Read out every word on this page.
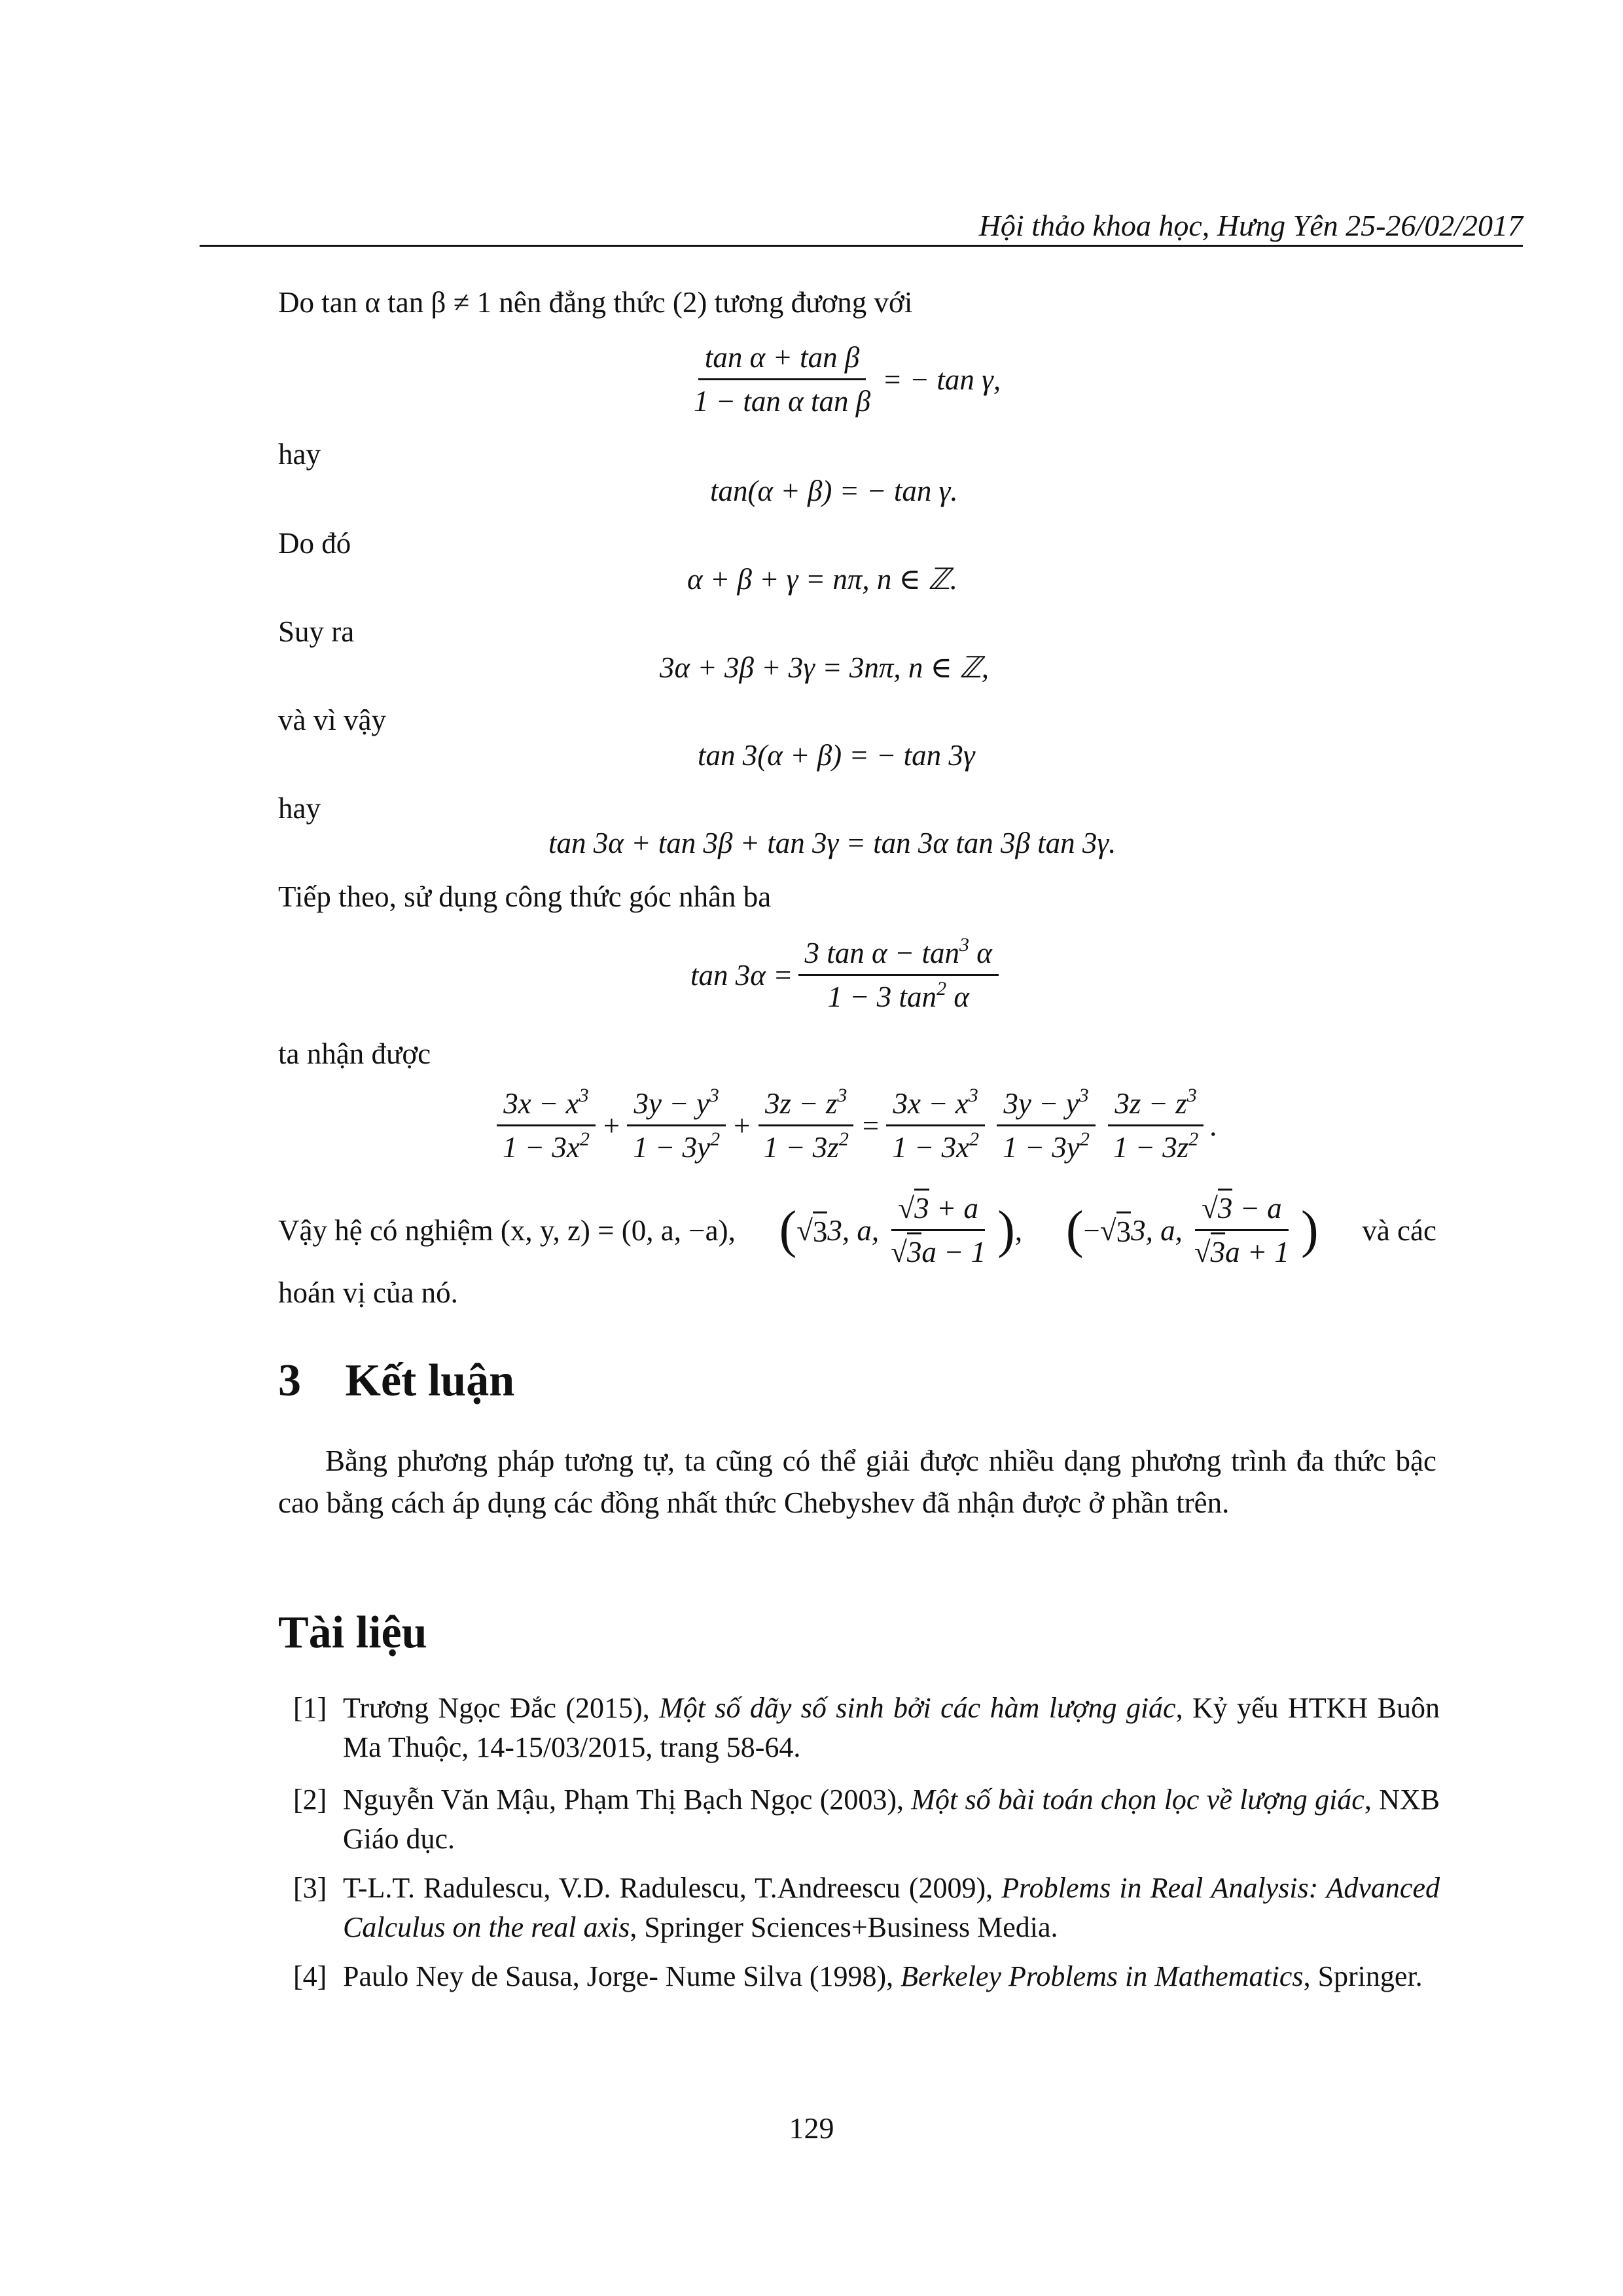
Hội thảo khoa học, Hưng Yên 25-26/02/2017
Do tan α tan β ≠ 1 nên đẳng thức (2) tương đương với
$\frac{\text{tan α + tan β}}{\text{1 − tan α tan β}}$ = − tan γ,
hay
tan(α + β) = − tan γ.
Do đó
α + β + γ = nπ, n ∈ ℤ.
Suy ra
3α + 3β + 3γ = 3nπ, n ∈ ℤ,
và vì vậy
tan 3(α + β) = − tan 3γ
hay
tan 3α + tan 3β + tan 3γ = tan 3α tan 3β tan 3γ.
Tiếp theo, sử dụng công thức góc nhân ba
$\tan 3\alpha = \frac{3 \tan \alpha - \tan^3 \alpha}{1 - 3 \tan^2 \alpha}$
ta nhận được
$\frac{3x - x^3}{1 - 3x^2} + \frac{3y - y^3}{1 - 3y^2} + \frac{3z - z^3}{1 - 3z^2} = \frac{3x - x^3}{1 - 3x^2} \frac{3y - y^3}{1 - 3y^2} \frac{3z - z^3}{1 - 3z^2}$ .
Vậy hệ có nghiệm (x, y, z) = (0, a, −a), ( √ 3 3, a, $\frac{√3 + a}{√3a - 1}$ ) , ( − √ 3 3, a, $\frac{√3 - a}{√3a + 1}$ ) và các
hoán vị của nó.
3 Kết luận
Bằng phương pháp tương tự, ta cũng có thể giải được nhiều dạng phương trình đa thức bậc cao bằng cách áp dụng các đồng nhất thức Chebyshev đã nhận được ở phần trên.
Tài liệu
[1] Trương Ngọc Đắc (2015), Một số dãy số sinh bởi các hàm lượng giác, Kỷ yếu HTKH Buôn Ma Thuộc, 14-15/03/2015, trang 58-64.
[2] Nguyễn Văn Mậu, Phạm Thị Bạch Ngọc (2003), Một số bài toán chọn lọc về lượng giác, NXB Giáo dục.
[3] T-L.T. Radulescu, V.D. Radulescu, T.Andreescu (2009), Problems in Real Analysis: Advanced Calculus on the real axis, Springer Sciences+Business Media.
[4] Paulo Ney de Sausa, Jorge- Nume Silva (1998), Berkeley Problems in Mathematics, Springer.
129
